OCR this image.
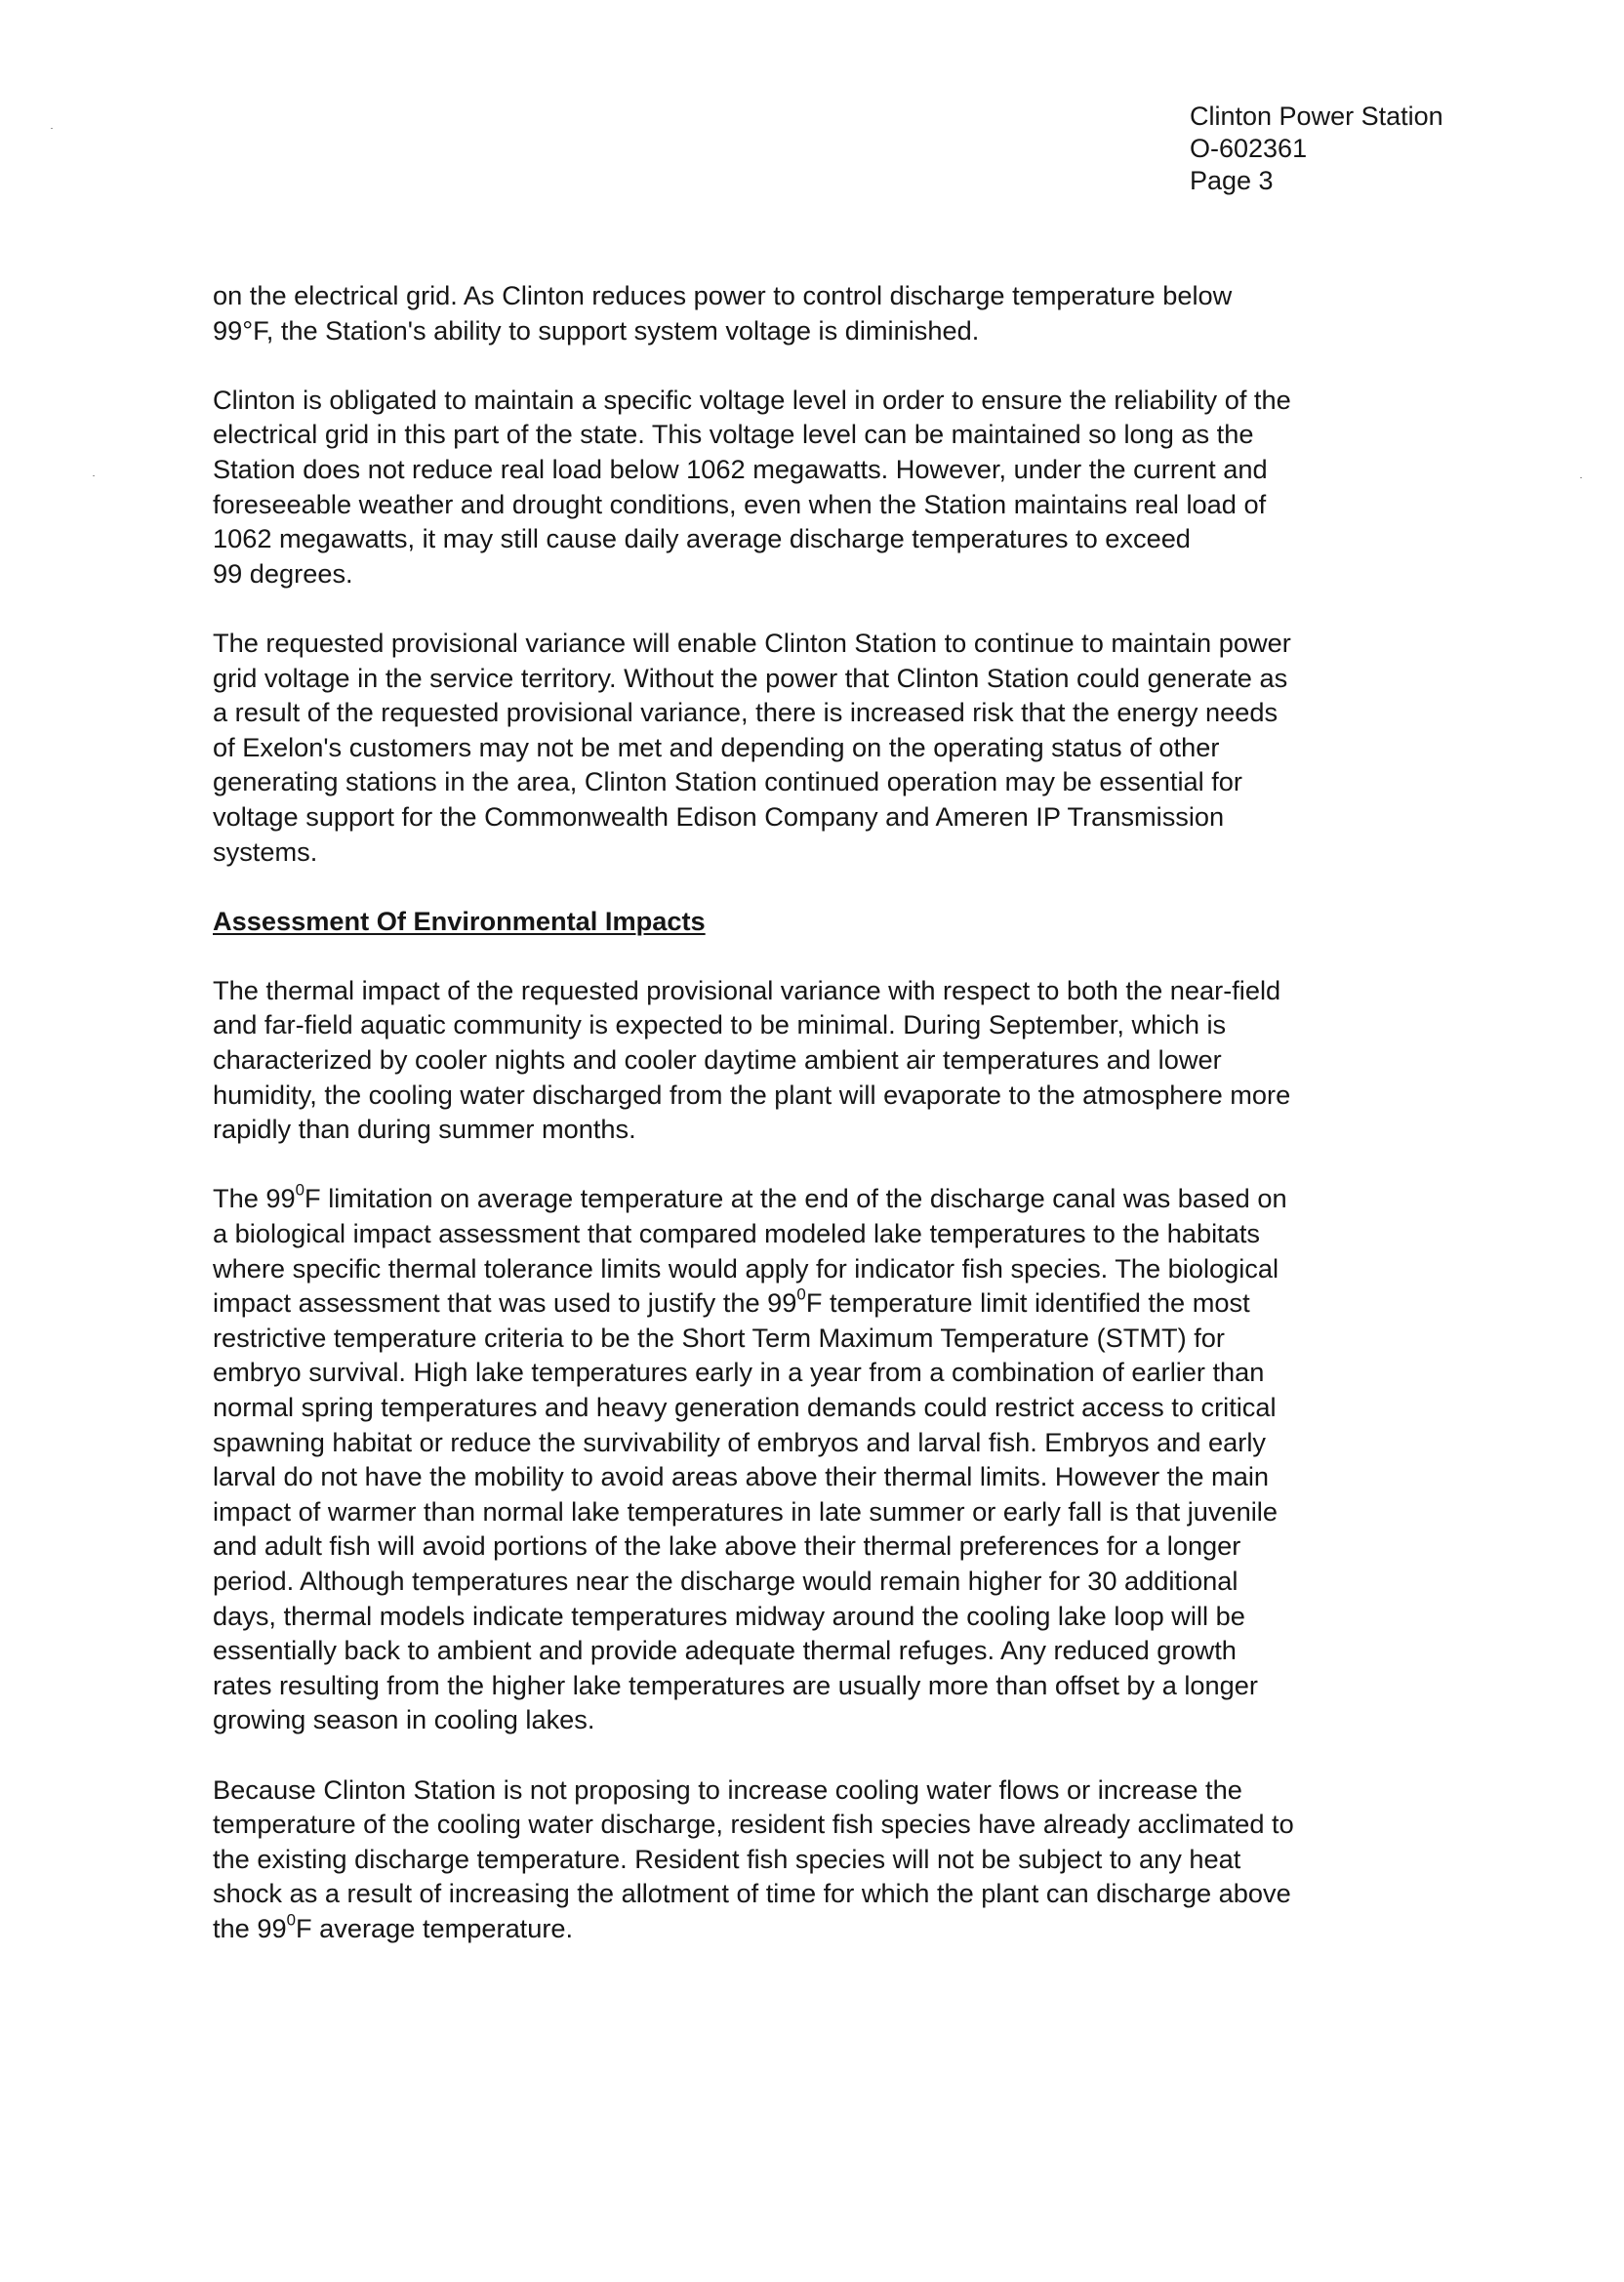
Clinton Power Station
O-602361
Page 3

on the electrical grid. As Clinton reduces power to control discharge temperature below
99°F, the Station's ability to support system voltage is diminished.

Clinton is obligated to maintain a specific voltage level in order to ensure the reliability of the
electrical grid in this part of the state. This voltage level can be maintained so long as the
Station does not reduce real load below 1062 megawatts. However, under the current and
foreseeable weather and drought conditions, even when the Station maintains real load of
1062 megawatts, it may still cause daily average discharge temperatures to exceed
99 degrees.

The requested provisional variance will enable Clinton Station to continue to maintain power
grid voltage in the service territory. Without the power that Clinton Station could generate as
a result of the requested provisional variance, there is increased risk that the energy needs
of Exelon's customers may not be met and depending on the operating status of other
generating stations in the area, Clinton Station continued operation may be essential for
voltage support for the Commonwealth Edison Company and Ameren IP Transmission
systems.

Assessment Of Environmental Impacts

The thermal impact of the requested provisional variance with respect to both the near-field
and far-field aquatic community is expected to be minimal. During September, which is
characterized by cooler nights and cooler daytime ambient air temperatures and lower
humidity, the cooling water discharged from the plant will evaporate to the atmosphere more
rapidly than during summer months.

The $99^0F$ limitation on average temperature at the end of the discharge canal was based on
a biological impact assessment that compared modeled lake temperatures to the habitats
where specific thermal tolerance limits would apply for indicator fish species. The biological
impact assessment that was used to justify the $99^0F$ temperature limit identified the most
restrictive temperature criteria to be the Short Term Maximum Temperature (STMT) for
embryo survival. High lake temperatures early in a year from a combination of earlier than
normal spring temperatures and heavy generation demands could restrict access to critical
spawning habitat or reduce the survivability of embryos and larval fish. Embryos and early
larval do not have the mobility to avoid areas above their thermal limits. However the main
impact of warmer than normal lake temperatures in late summer or early fall is that juvenile
and adult fish will avoid portions of the lake above their thermal preferences for a longer
period. Although temperatures near the discharge would remain higher for 30 additional
days, thermal models indicate temperatures midway around the cooling lake loop will be
essentially back to ambient and provide adequate thermal refuges. Any reduced growth
rates resulting from the higher lake temperatures are usually more than offset by a longer
growing season in cooling lakes.

Because Clinton Station is not proposing to increase cooling water flows or increase the
temperature of the cooling water discharge, resident fish species have already acclimated to
the existing discharge temperature. Resident fish species will not be subject to any heat
shock as a result of increasing the allotment of time for which the plant can discharge above
the $99^0F$ average temperature.
